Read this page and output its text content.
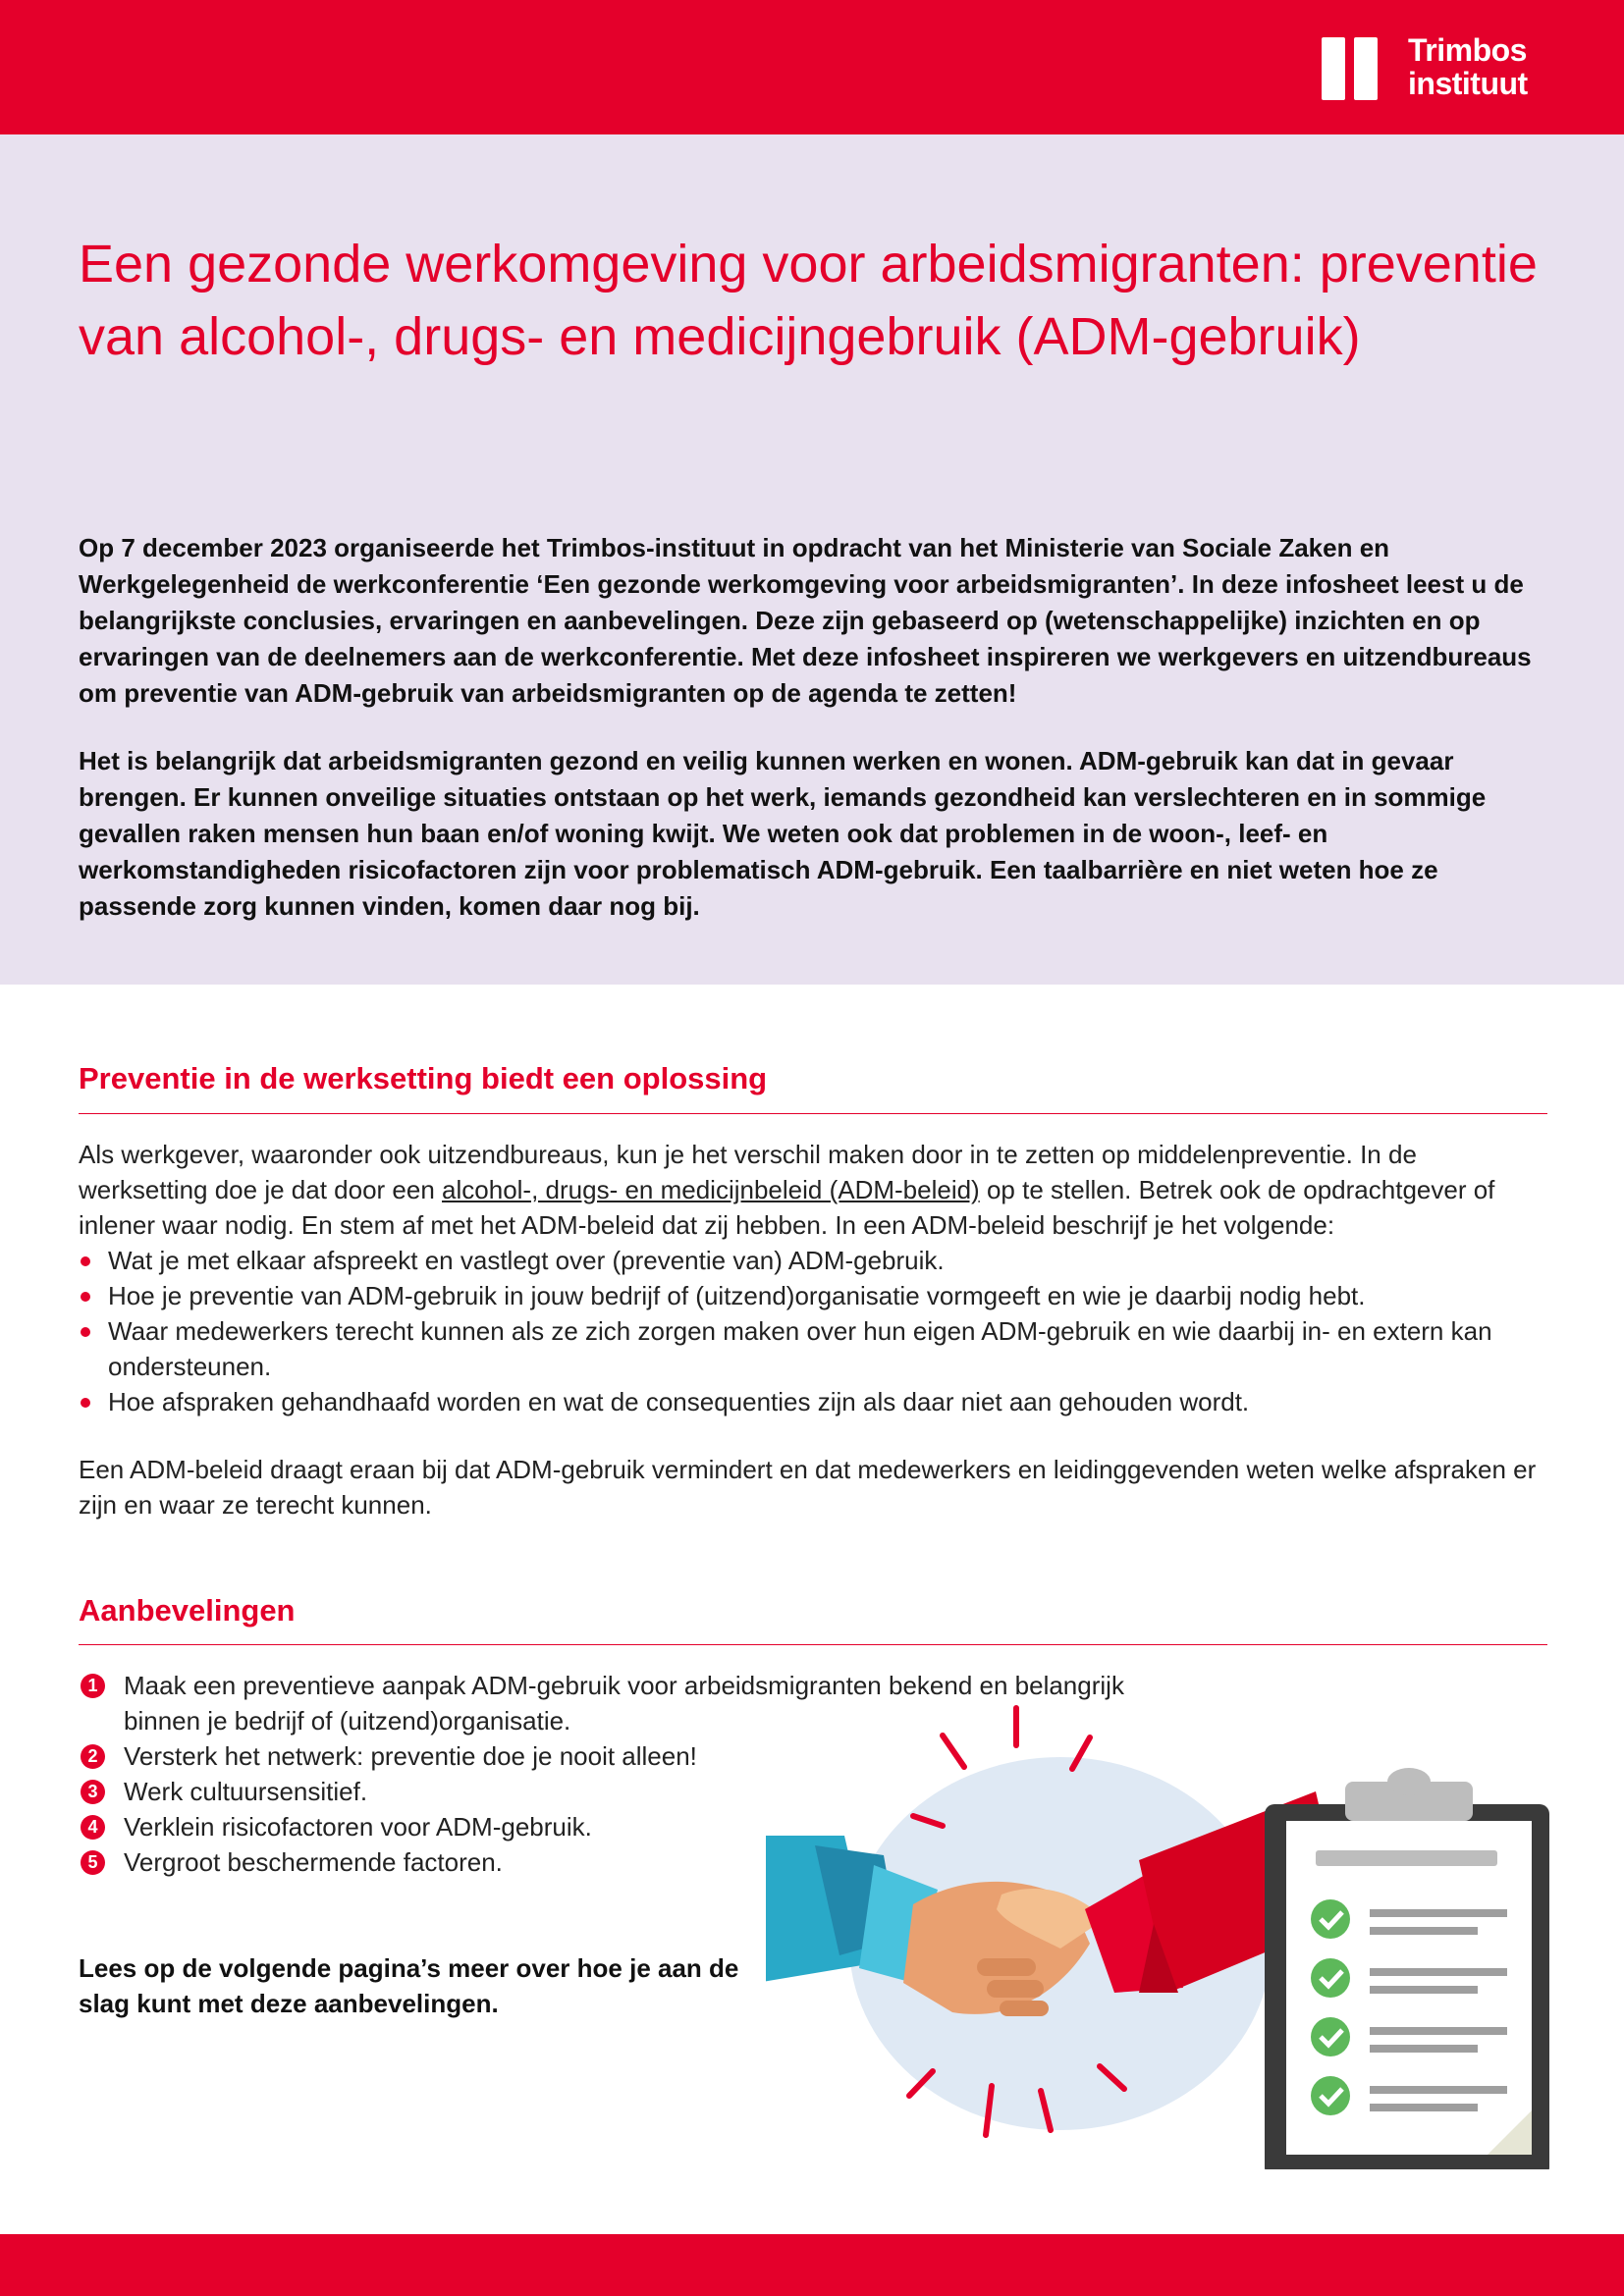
Trimbos
instituut
Een gezonde werkomgeving voor arbeidsmigranten: preventie van alcohol-, drugs- en medicijngebruik (ADM-gebruik)

Op 7 december 2023 organiseerde het Trimbos-instituut in opdracht van het Ministerie van Sociale Zaken en Werkgelegenheid de werkconferentie ‘Een gezonde werkomgeving voor arbeidsmigranten’. In deze infosheet leest u de belangrijkste conclusies, ervaringen en aanbevelingen. Deze zijn gebaseerd op (wetenschappelijke) inzichten en op ervaringen van de deelnemers aan de werkconferentie. Met deze infosheet inspireren we werkgevers en uitzendbureaus om preventie van ADM-gebruik van arbeidsmigranten op de agenda te zetten!

Het is belangrijk dat arbeidsmigranten gezond en veilig kunnen werken en wonen. ADM-gebruik kan dat in gevaar brengen. Er kunnen onveilige situaties ontstaan op het werk, iemands gezondheid kan verslechteren en in sommige gevallen raken mensen hun baan en/of woning kwijt. We weten ook dat problemen in de woon-, leef- en werkomstandigheden risicofactoren zijn voor problematisch ADM-gebruik. Een taalbarrière en niet weten hoe ze passende zorg kunnen vinden, komen daar nog bij.

Preventie in de werksetting biedt een oplossing

Als werkgever, waaronder ook uitzendbureaus, kun je het verschil maken door in te zetten op middelenpreventie. In de werksetting doe je dat door een alcohol-, drugs- en medicijnbeleid (ADM-beleid) op te stellen. Betrek ook de opdrachtgever of inlener waar nodig. En stem af met het ADM-beleid dat zij hebben. In een ADM-beleid beschrijf je het volgende:

Wat je met elkaar afspreekt en vastlegt over (preventie van) ADM-gebruik.
Hoe je preventie van ADM-gebruik in jouw bedrijf of (uitzend)organisatie vormgeeft en wie je daarbij nodig hebt.
Waar medewerkers terecht kunnen als ze zich zorgen maken over hun eigen ADM-gebruik en wie daarbij in- en extern kan ondersteunen.
Hoe afspraken gehandhaafd worden en wat de consequenties zijn als daar niet aan gehouden wordt.

Een ADM-beleid draagt eraan bij dat ADM-gebruik vermindert en dat medewerkers en leidinggevenden weten welke afspraken er zijn en waar ze terecht kunnen.

Aanbevelingen
1 Maak een preventieve aanpak ADM-gebruik voor arbeidsmigranten bekend en belangrijk binnen je bedrijf of (uitzend)organisatie.
2 Versterk het netwerk: preventie doe je nooit alleen!
3 Werk cultuursensitief.
4 Verklein risicofactoren voor ADM-gebruik.
5 Vergroot beschermende factoren.

Lees op de volgende pagina’s meer over hoe je aan de slag kunt met deze aanbevelingen.
